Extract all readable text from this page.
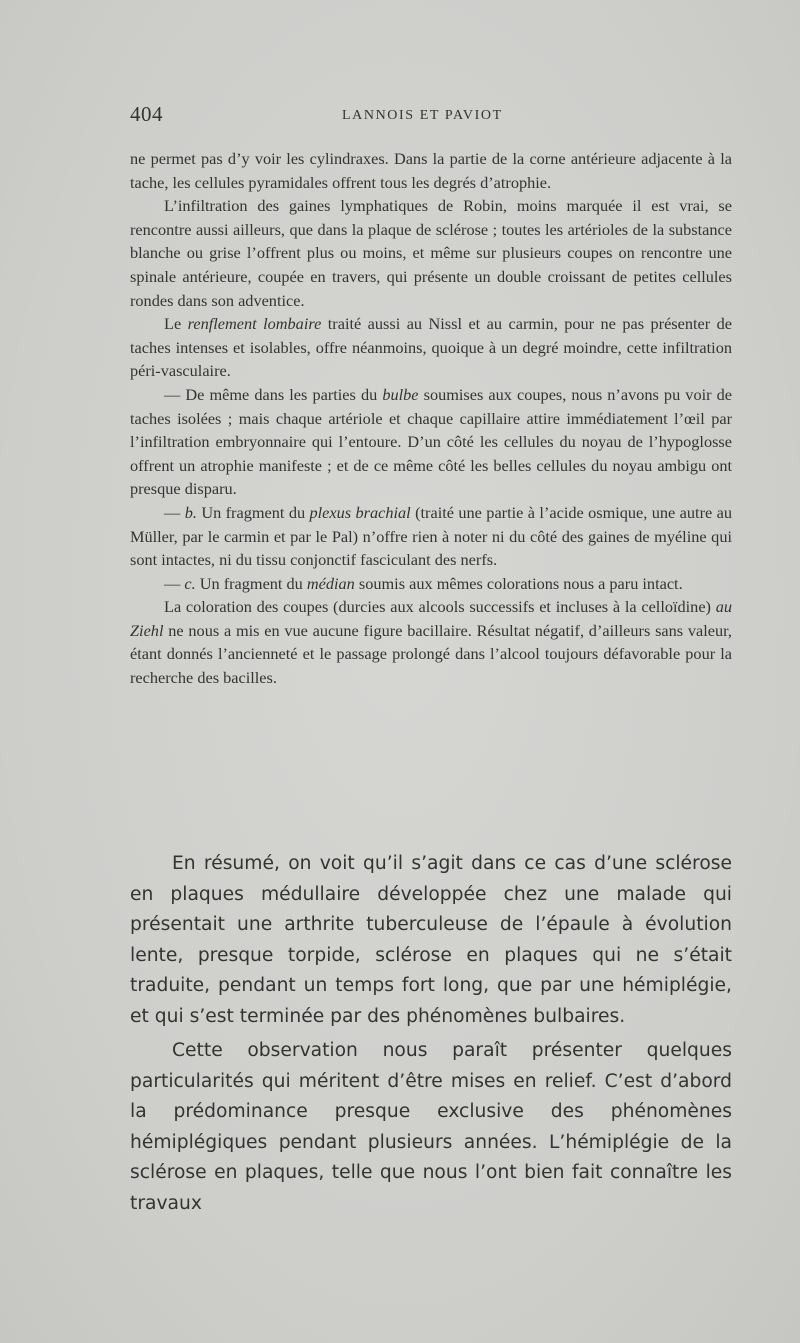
404	LANNOIS ET PAVIOT

ne permet pas d’y voir les cylindraxes. Dans la partie de la corne antérieure adjacente à la tache, les cellules pyramidales offrent tous les degrés d’atrophie.

L’infiltration des gaines lymphatiques de Robin, moins marquée il est vrai, se rencontre aussi ailleurs, que dans la plaque de sclérose ; toutes les artérioles de la substance blanche ou grise l’offrent plus ou moins, et même sur plusieurs coupes on rencontre une spinale antérieure, coupée en travers, qui présente un double croissant de petites cellules rondes dans son adventice.

Le renflement lombaire traité aussi au Nissl et au carmin, pour ne pas présenter de taches intenses et isolables, offre néanmoins, quoique à un degré moindre, cette infiltration péri-vasculaire.

— De même dans les parties du bulbe soumises aux coupes, nous n’avons pu voir de taches isolées ; mais chaque artériole et chaque capillaire attire immédiatement l’œil par l’infiltration embryonnaire qui l’entoure. D’un côté les cellules du noyau de l’hypoglosse offrent un atrophie manifeste ; et de ce même côté les belles cellules du noyau ambigu ont presque disparu.

— b. Un fragment du plexus brachial (traité une partie à l’acide osmique, une autre au Müller, par le carmin et par le Pal) n’offre rien à noter ni du côté des gaines de myéline qui sont intactes, ni du tissu conjonctif fasciculant des nerfs.

— c. Un fragment du médian soumis aux mêmes colorations nous a paru intact.

La coloration des coupes (durcies aux alcools successifs et incluses à la celloïdine) au Ziehl ne nous a mis en vue aucune figure bacillaire. Résultat négatif, d’ailleurs sans valeur, étant donnés l’ancienneté et le passage prolongé dans l’alcool toujours défavorable pour la recherche des bacilles.

En résumé, on voit qu’il s’agit dans ce cas d’une sclérose en plaques médullaire développée chez une malade qui présentait une arthrite tuberculeuse de l’épaule à évolution lente, presque torpide, sclérose en plaques qui ne s’était traduite, pendant un temps fort long, que par une hémiplégie, et qui s’est terminée par des phénomènes bulbaires.

Cette observation nous paraît présenter quelques particularités qui méritent d’être mises en relief. C’est d’abord la prédominance presque exclusive des phénomènes hémiplégiques pendant plusieurs années. L’hémiplégie de la sclérose en plaques, telle que nous l’ont bien fait connaître les travaux
